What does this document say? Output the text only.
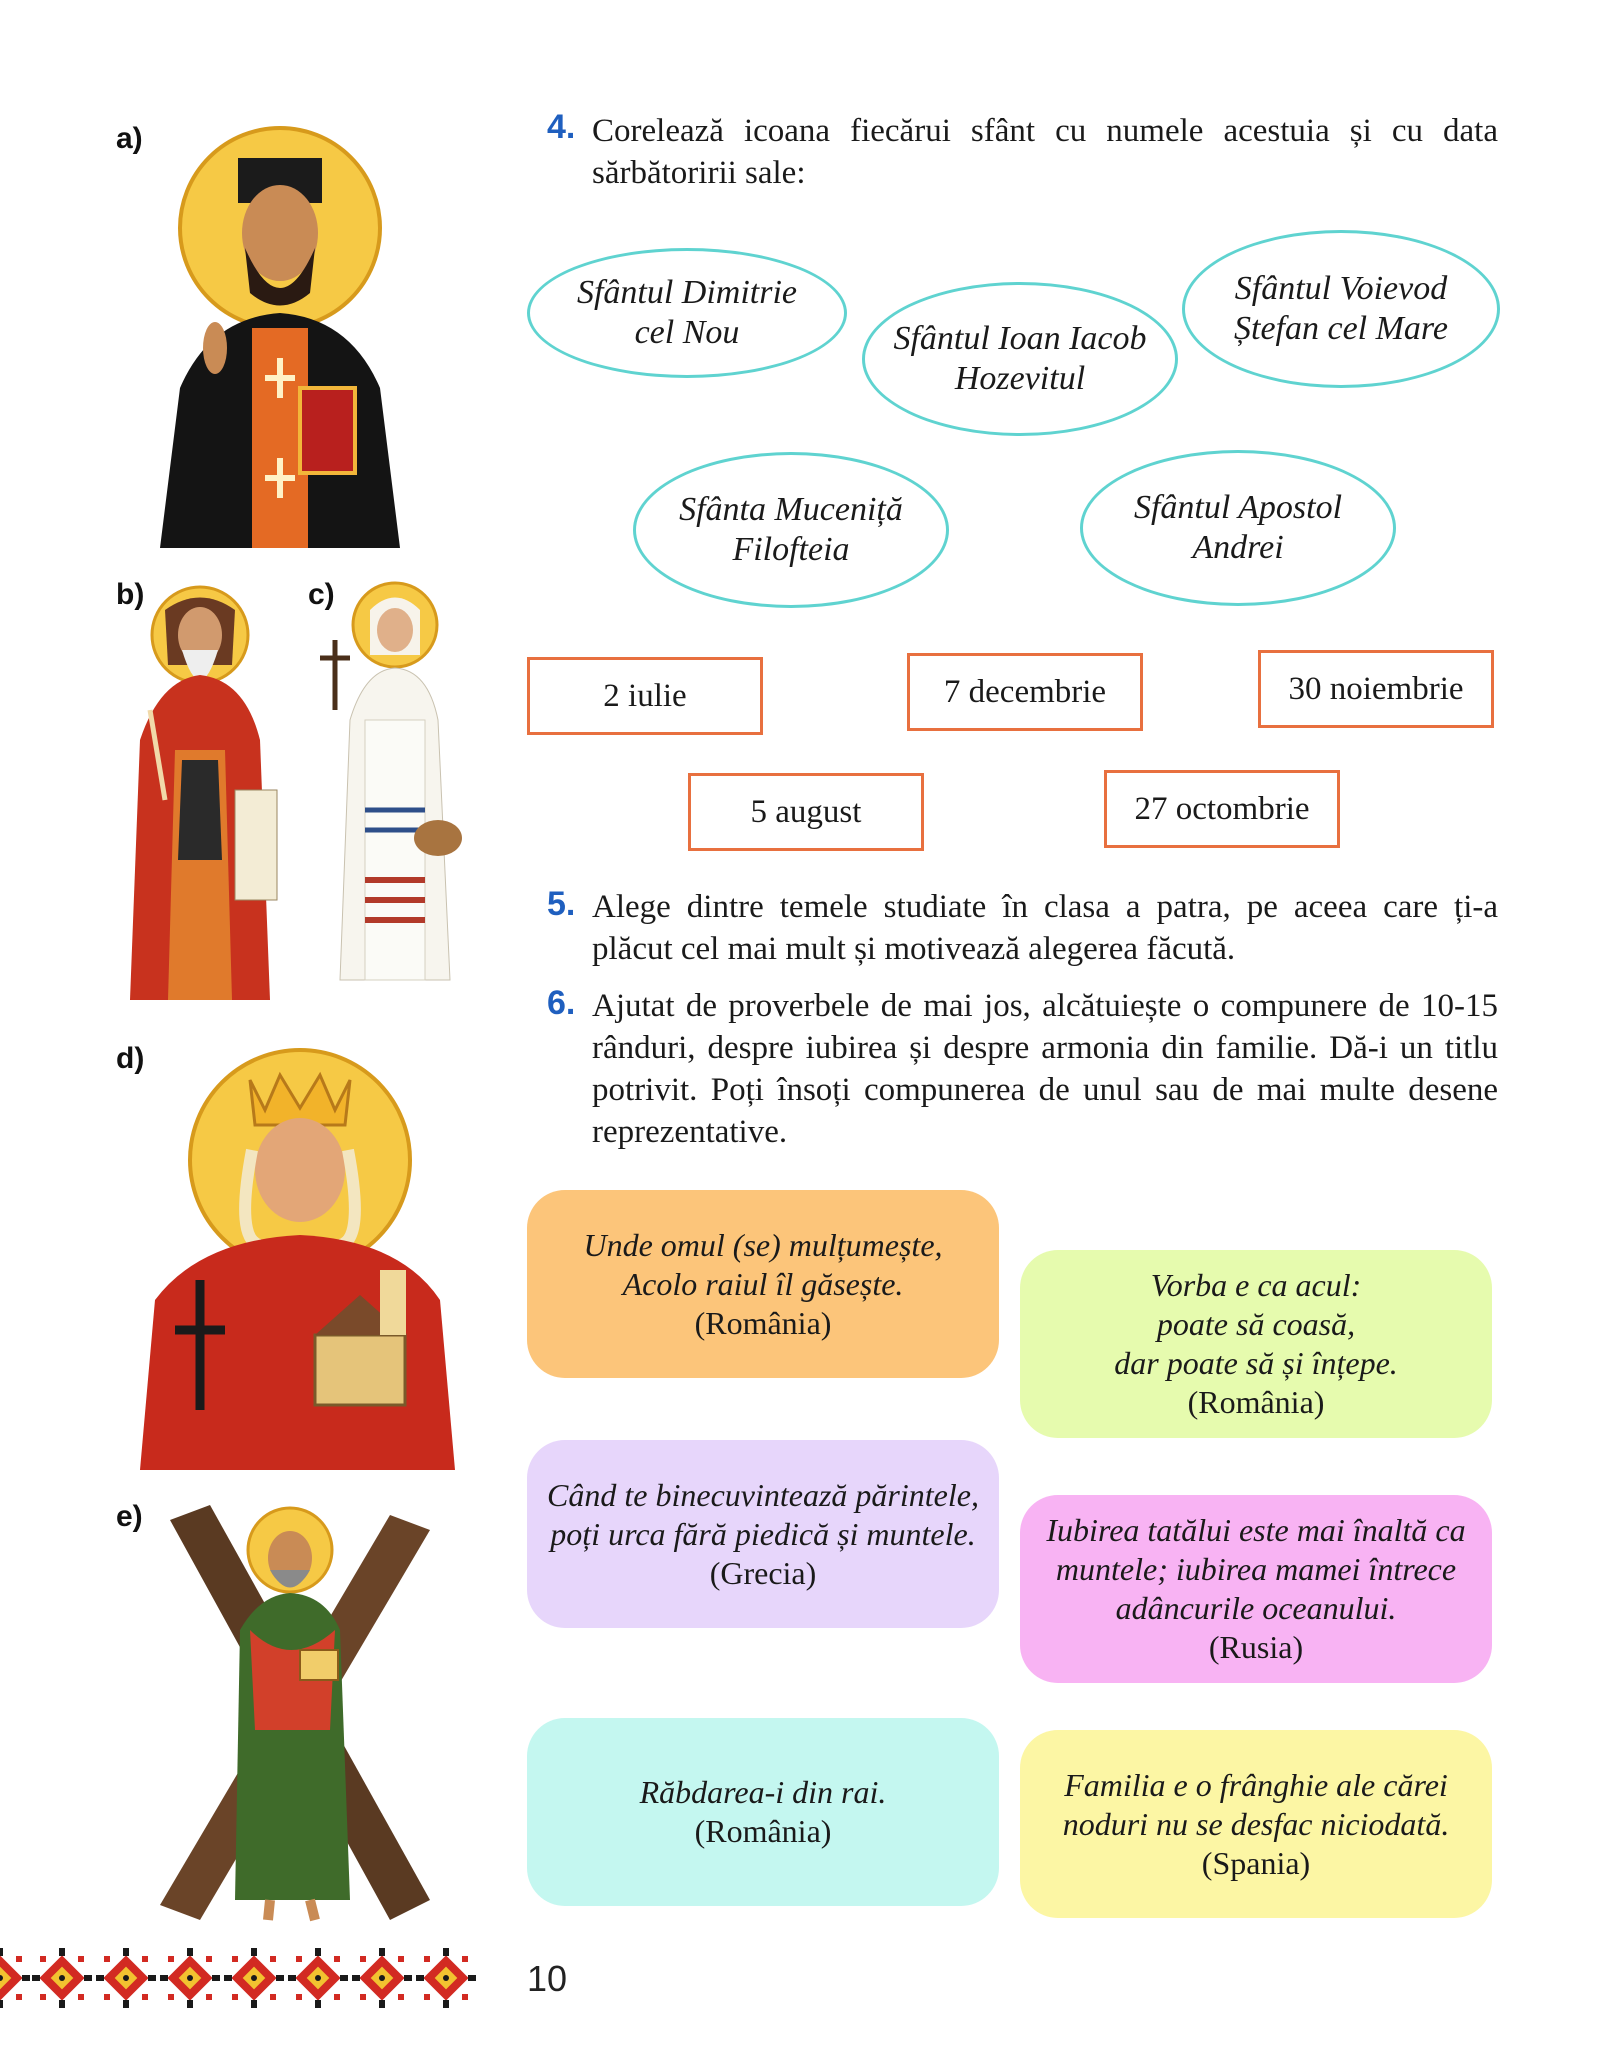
a)
b)	c)
d)
e)
4. Corelează icoana fiecărui sfânt cu numele acestuia și cu data sărbătoririi sale:
Sfântul Dimitrie
cel Nou	Sfântul Ioan Iacob
Hozevitul
Sfântul Voievod
Ștefan cel Mare
Sfânta Muceniță
Filofteia
Sfântul Apostol
Andrei
2 iulie	7 decembrie	30 noiembrie
5 august	27 octombrie
5. Alege dintre temele studiate în clasa a patra, pe aceea care ți-a plăcut cel mai mult și motivează alegerea făcută.
6. Ajutat de proverbele de mai jos, alcătuiește o compunere de 10-15 rânduri, despre iubirea și despre armonia din familie. Dă-i un titlu potrivit. Poți însoți compunerea de unul sau de mai multe desene reprezentative.
Unde omul (se) mulțumește,
Acolo raiul îl găsește.
(România)
Vorba e ca acul:
poate să coasă,
dar poate să și înțepe.
(România)
Când te binecuvintează părintele,
poți urca fără piedică și muntele.
(Grecia)
Iubirea tatălui este mai înaltă ca
muntele; iubirea mamei întrece
adâncurile oceanului.
(Rusia)
Răbdarea-i din rai.
(România)
Familia e o frânghie ale cărei
noduri nu se desfac niciodată.
(Spania)
10
